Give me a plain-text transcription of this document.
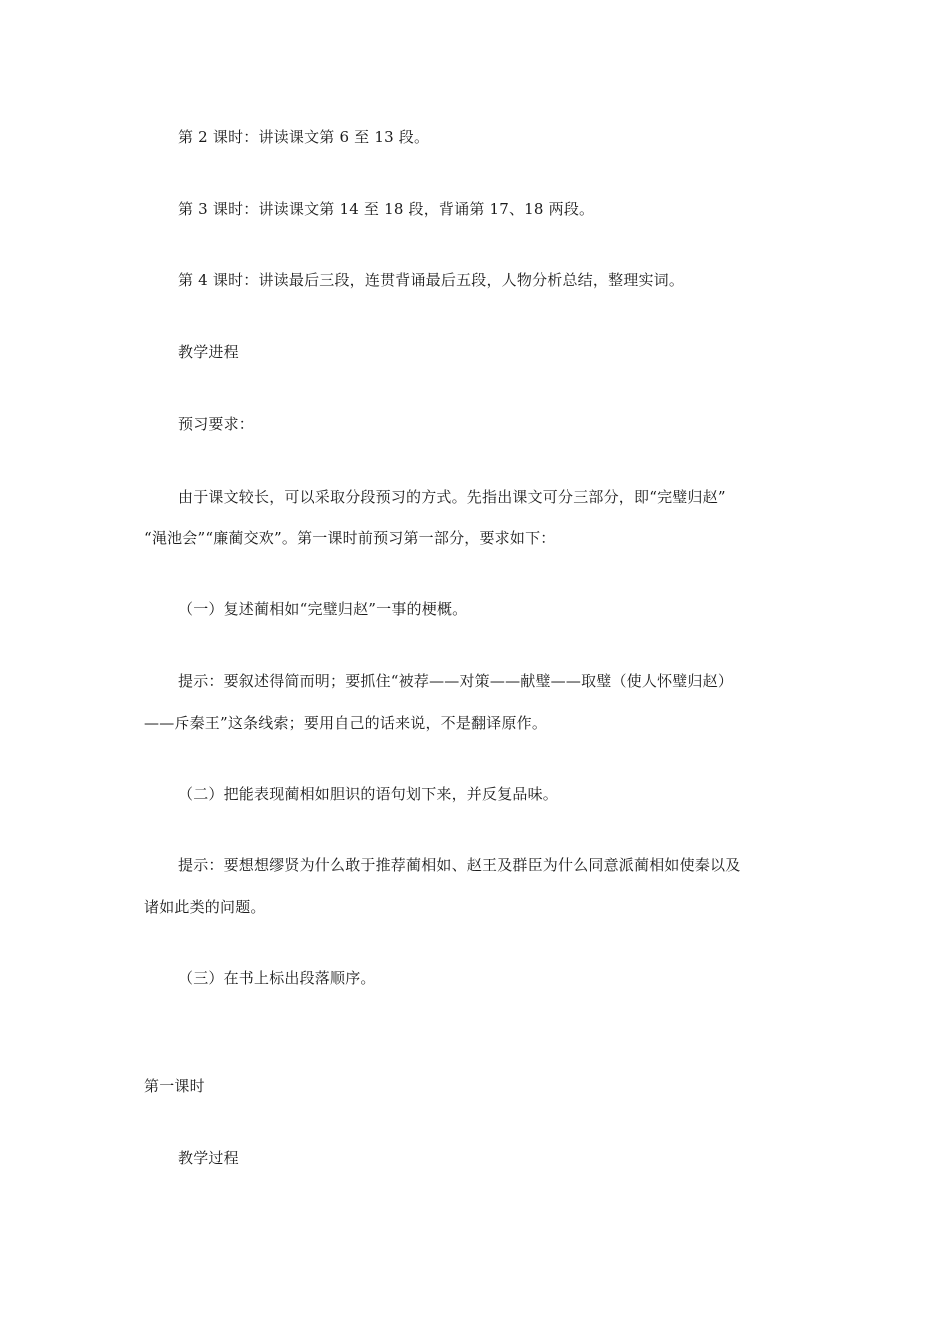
第 2 课时：讲读课文第 6 至 13 段。
第 3 课时：讲读课文第 14 至 18 段，背诵第 17、18 两段。
第 4 课时：讲读最后三段，连贯背诵最后五段，人物分析总结，整理实词。
教学进程
预习要求：
由于课文较长，可以采取分段预习的方式。先指出课文可分三部分，即“完璧归赵”
“渑池会”“廉蔺交欢”。第一课时前预习第一部分，要求如下：
（一）复述蔺相如“完璧归赵”一事的梗概。
提示：要叙述得简而明；要抓住“被荐——对策——献璧——取璧（使人怀璧归赵）
——斥秦王”这条线索；要用自己的话来说，不是翻译原作。
（二）把能表现蔺相如胆识的语句划下来，并反复品味。
提示：要想想缪贤为什么敢于推荐蔺相如、赵王及群臣为什么同意派蔺相如使秦以及
诸如此类的问题。
（三）在书上标出段落顺序。
第一课时
教学过程
